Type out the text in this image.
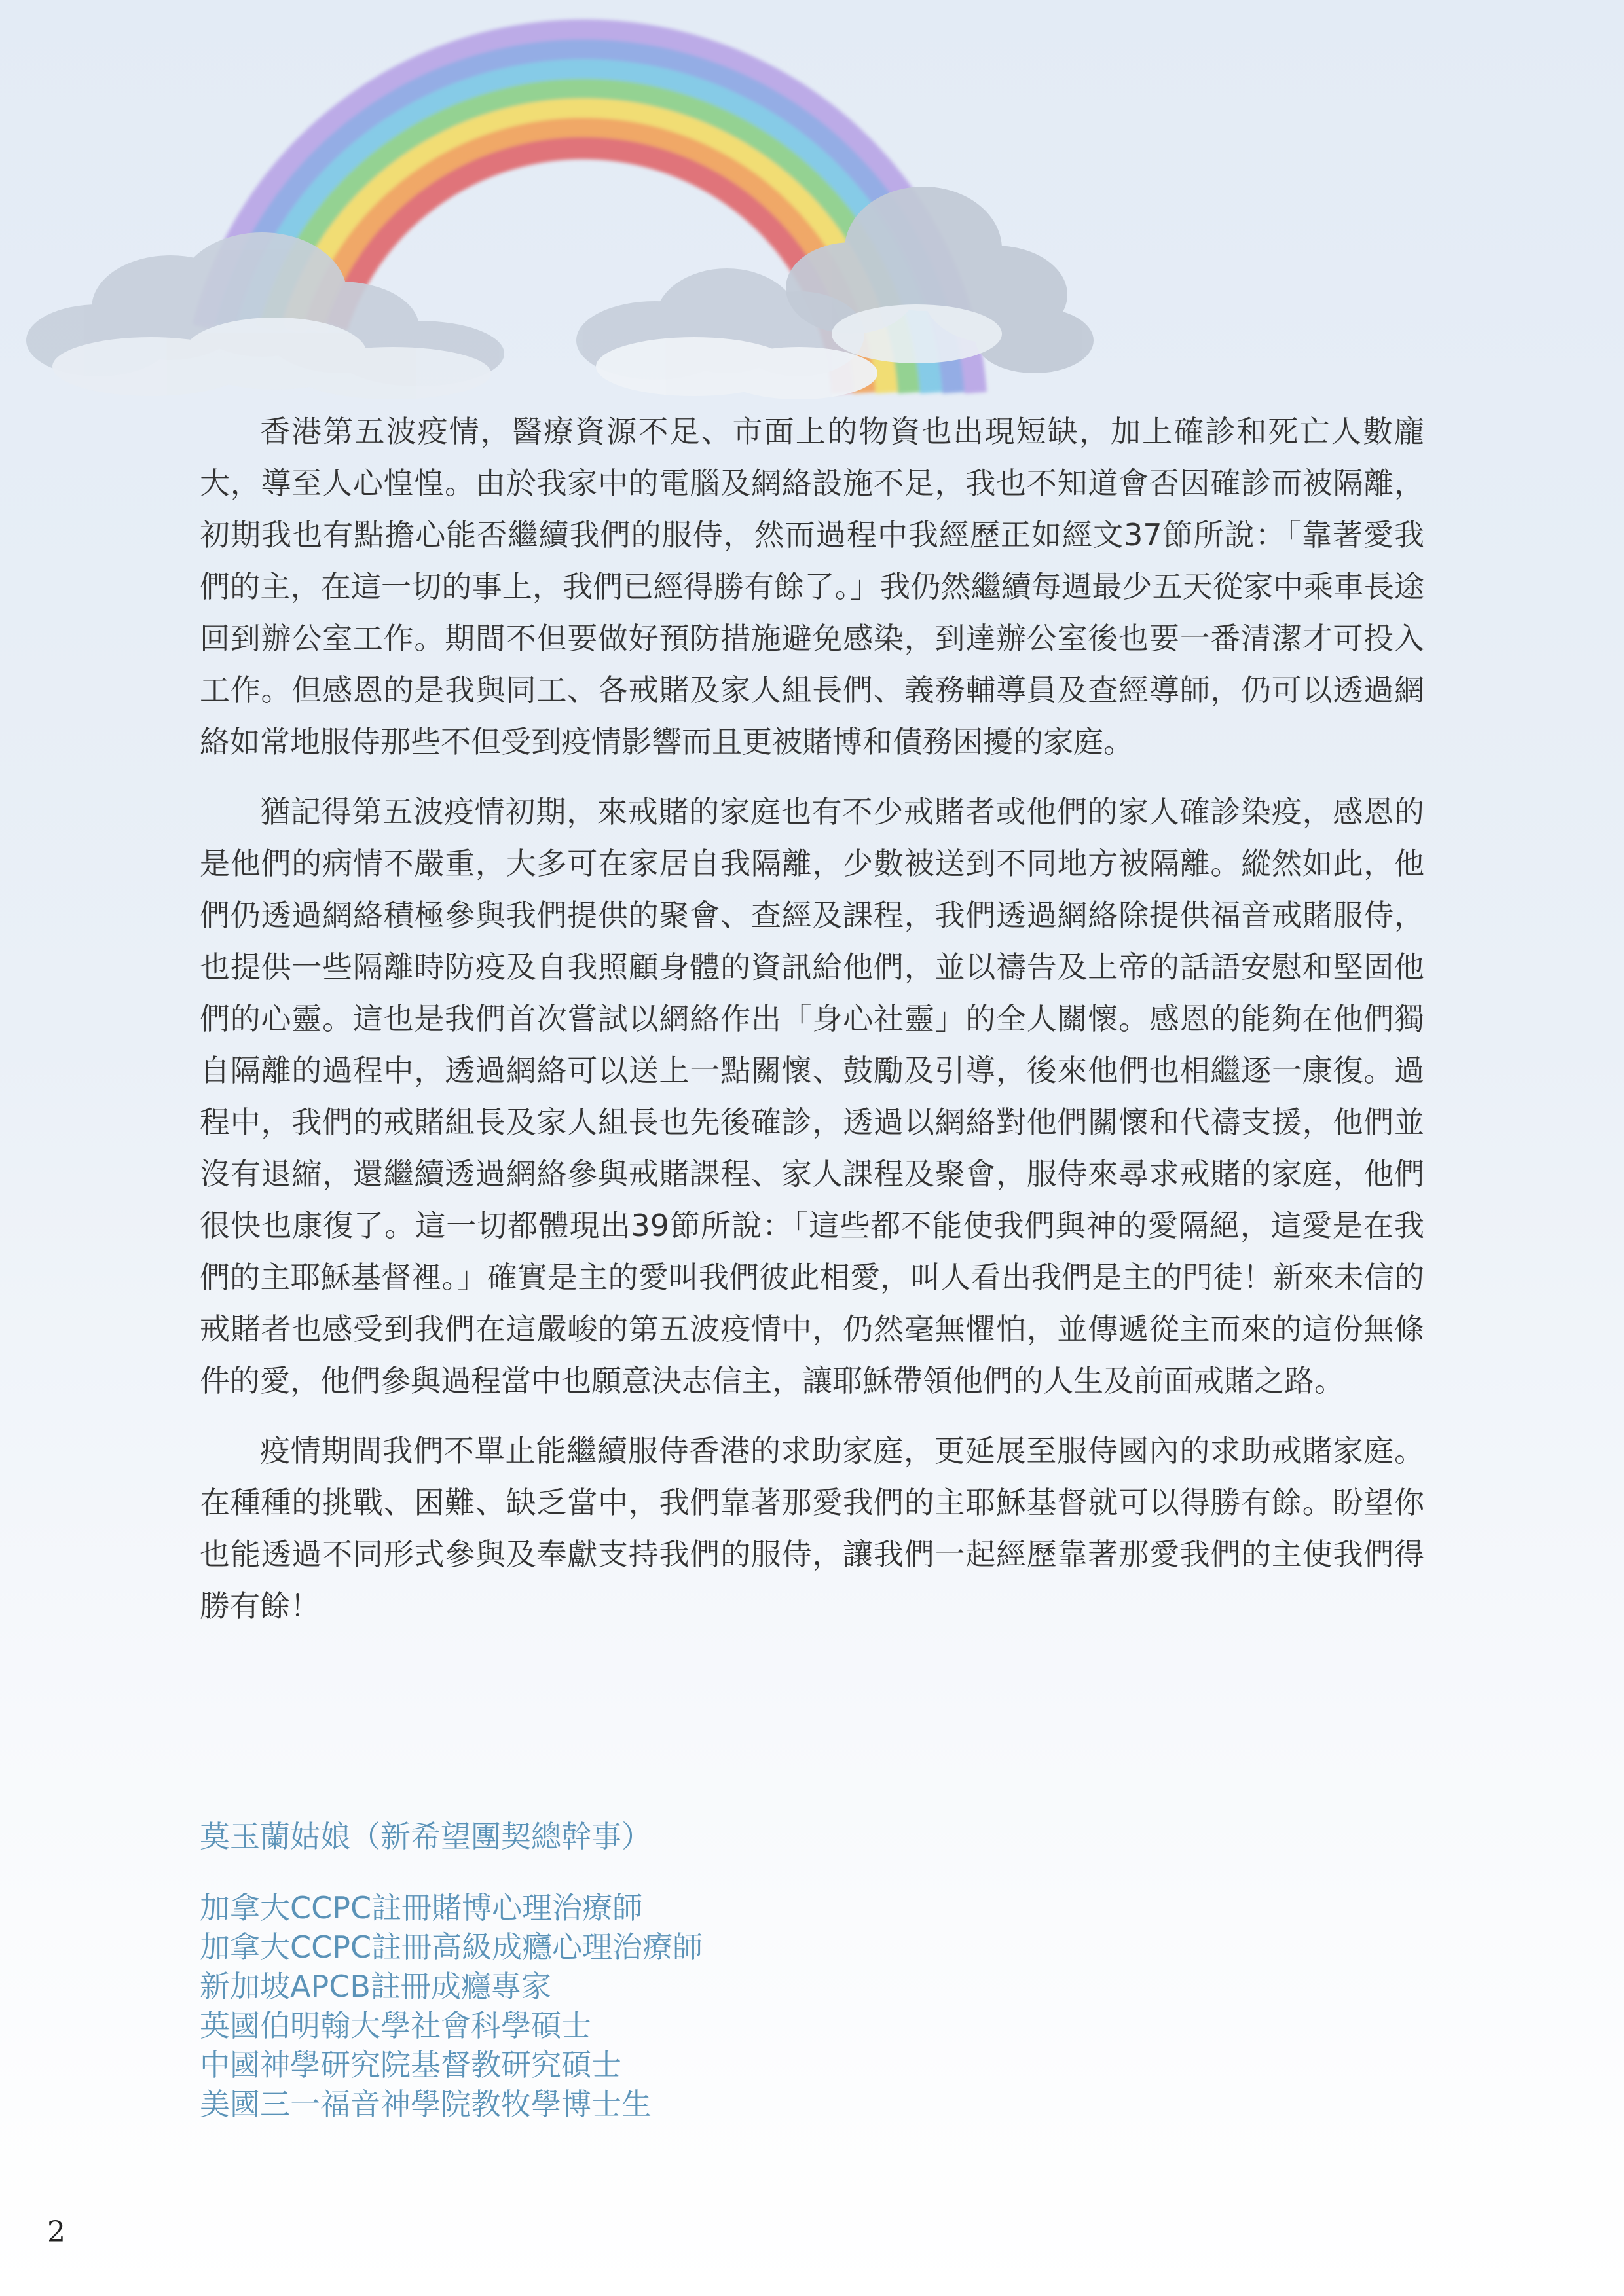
香港第五波疫情，醫療資源不足、市面上的物資也出現短缺，加上確診和死亡人數龐大，導至人心惶惶。由於我家中的電腦及網絡設施不足，我也不知道會否因確診而被隔離，初期我也有點擔心能否繼續我們的服侍，然而過程中我經歷正如經文37節所說：「靠著愛我們的主，在這一切的事上，我們已經得勝有餘了。」我仍然繼續每週最少五天從家中乘車長途回到辦公室工作。期間不但要做好預防措施避免感染，到達辦公室後也要一番清潔才可投入工作。但感恩的是我與同工、各戒賭及家人組長們、義務輔導員及查經導師，仍可以透過網絡如常地服侍那些不但受到疫情影響而且更被賭博和債務困擾的家庭。

猶記得第五波疫情初期，來戒賭的家庭也有不少戒賭者或他們的家人確診染疫，感恩的是他們的病情不嚴重，大多可在家居自我隔離，少數被送到不同地方被隔離。縱然如此，他們仍透過網絡積極參與我們提供的聚會、查經及課程，我們透過網絡除提供福音戒賭服侍，也提供一些隔離時防疫及自我照顧身體的資訊給他們，並以禱告及上帝的話語安慰和堅固他們的心靈。這也是我們首次嘗試以網絡作出「身心社靈」的全人關懷。感恩的能夠在他們獨自隔離的過程中，透過網絡可以送上一點關懷、鼓勵及引導，後來他們也相繼逐一康復。過程中，我們的戒賭組長及家人組長也先後確診，透過以網絡對他們關懷和代禱支援，他們並沒有退縮，還繼續透過網絡參與戒賭課程、家人課程及聚會，服侍來尋求戒賭的家庭，他們很快也康復了。這一切都體現出39節所說：「這些都不能使我們與神的愛隔絕，這愛是在我們的主耶穌基督裡。」確實是主的愛叫我們彼此相愛，叫人看出我們是主的門徒！新來未信的戒賭者也感受到我們在這嚴峻的第五波疫情中，仍然毫無懼怕，並傳遞從主而來的這份無條件的愛，他們參與過程當中也願意決志信主，讓耶穌帶領他們的人生及前面戒賭之路。

疫情期間我們不單止能繼續服侍香港的求助家庭，更延展至服侍國內的求助戒賭家庭。在種種的挑戰、困難、缺乏當中，我們靠著那愛我們的主耶穌基督就可以得勝有餘。盼望你也能透過不同形式參與及奉獻支持我們的服侍，讓我們一起經歷靠著那愛我們的主使我們得勝有餘！

莫玉蘭姑娘（新希望團契總幹事）
加拿大CCPC註冊賭博心理治療師
加拿大CCPC註冊高級成癮心理治療師
新加坡APCB註冊成癮專家
英國伯明翰大學社會科學碩士
中國神學研究院基督教研究碩士
美國三一福音神學院教牧學博士生
2
